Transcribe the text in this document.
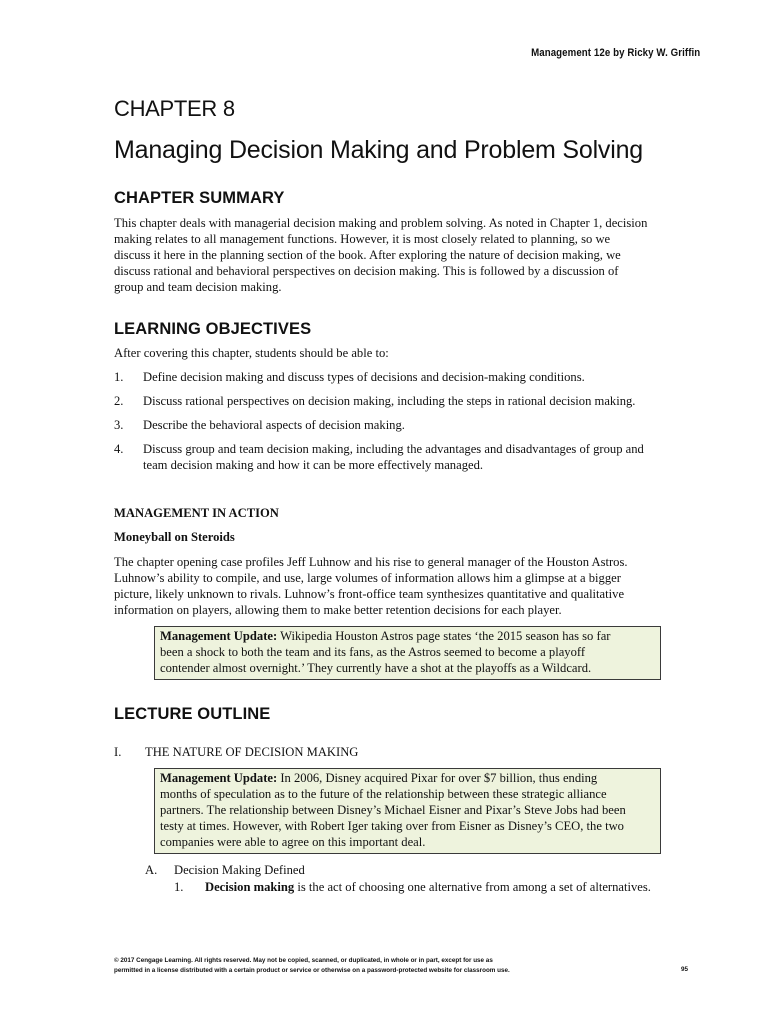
Management 12e by Ricky W. Griffin
CHAPTER 8
Managing Decision Making and Problem Solving
CHAPTER SUMMARY
This chapter deals with managerial decision making and problem solving. As noted in Chapter 1, decision
making relates to all management functions. However, it is most closely related to planning, so we
discuss it here in the planning section of the book. After exploring the nature of decision making, we
discuss rational and behavioral perspectives on decision making. This is followed by a discussion of
group and team decision making.
LEARNING OBJECTIVES
After covering this chapter, students should be able to:
1. Define decision making and discuss types of decisions and decision-making conditions.
2. Discuss rational perspectives on decision making, including the steps in rational decision making.
3. Describe the behavioral aspects of decision making.
4. Discuss group and team decision making, including the advantages and disadvantages of group and
team decision making and how it can be more effectively managed.
MANAGEMENT IN ACTION
Moneyball on Steroids
The chapter opening case profiles Jeff Luhnow and his rise to general manager of the Houston Astros.
Luhnow’s ability to compile, and use, large volumes of information allows him a glimpse at a bigger
picture, likely unknown to rivals. Luhnow’s front-office team synthesizes quantitative and qualitative
information on players, allowing them to make better retention decisions for each player.
Management Update: Wikipedia Houston Astros page states ‘the 2015 season has so far
been a shock to both the team and its fans, as the Astros seemed to become a playoff
contender almost overnight.’ They currently have a shot at the playoffs as a Wildcard.
LECTURE OUTLINE
I. THE NATURE OF DECISION MAKING
Management Update: In 2006, Disney acquired Pixar for over $7 billion, thus ending
months of speculation as to the future of the relationship between these strategic alliance
partners. The relationship between Disney’s Michael Eisner and Pixar’s Steve Jobs had been
testy at times. However, with Robert Iger taking over from Eisner as Disney’s CEO, the two
companies were able to agree on this important deal.
A. Decision Making Defined
1. Decision making is the act of choosing one alternative from among a set of alternatives.
© 2017 Cengage Learning. All rights reserved. May not be copied, scanned, or duplicated, in whole or in part, except for use as
permitted in a license distributed with a certain product or service or otherwise on a password-protected website for classroom use.	95
